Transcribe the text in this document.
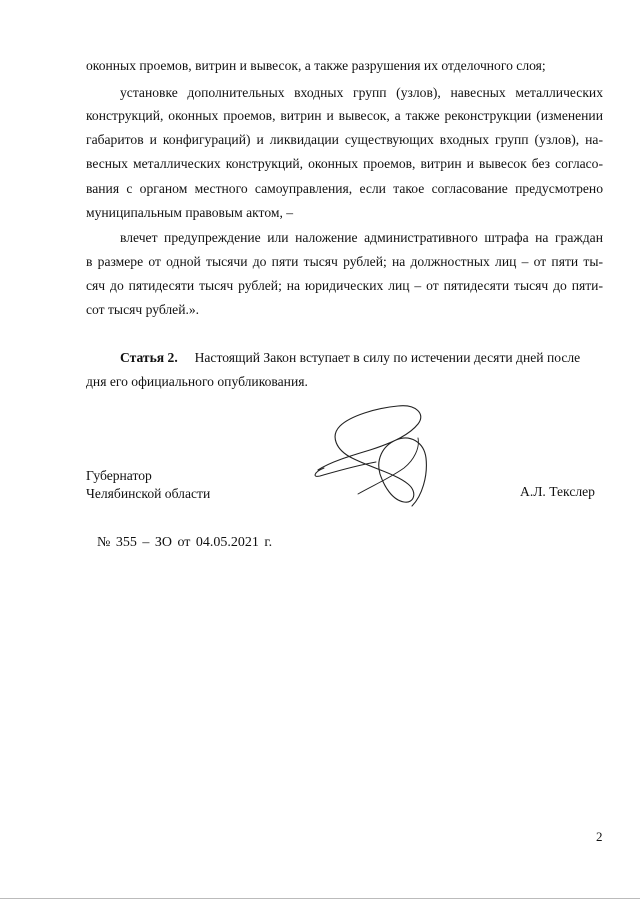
оконных проемов, витрин и вывесок, а также разрушения их отделочного слоя;
установке дополнительных входных групп (узлов), навесных металлических
конструкций, оконных проемов, витрин и вывесок, а также реконструкции (изменении
габаритов и конфигураций) и ликвидации существующих входных групп (узлов), на-
весных металлических конструкций, оконных проемов, витрин и вывесок без согласо-
вания с органом местного самоуправления, если такое согласование предусмотрено
муниципальным правовым актом, –
влечет предупреждение или наложение административного штрафа на граждан
в размере от одной тысячи до пяти тысяч рублей; на должностных лиц – от пяти ты-
сяч до пятидесяти тысяч рублей; на юридических лиц – от пятидесяти тысяч до пяти-
сот тысяч рублей.».
Статья 2. Настоящий Закон вступает в силу по истечении десяти дней после
дня его официального опубликования.
Губернатор
Челябинской области	А.Л. Текслер
№ 355 – ЗО от 04.05.2021 г.
2
